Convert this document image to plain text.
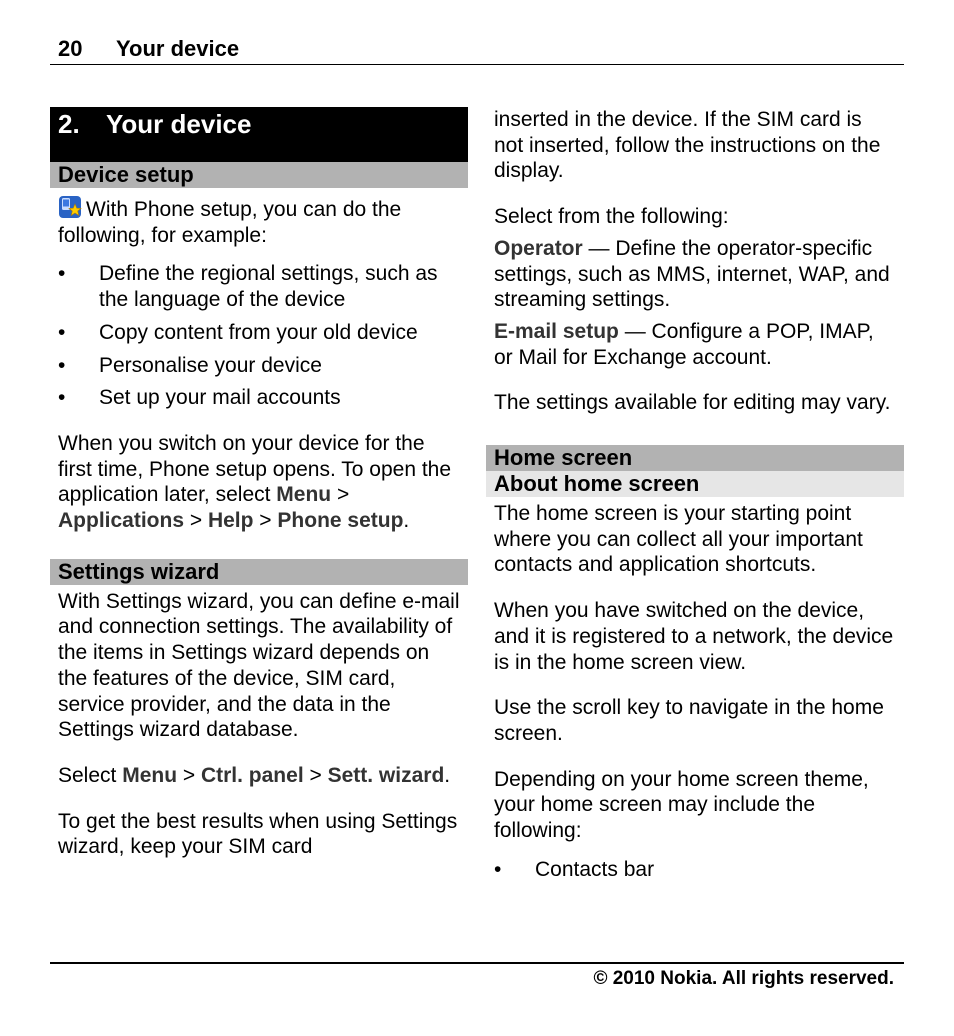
20 Your device
2. Your device
Device setup

With Phone setup, you can do the following, for example:

• Define the regional settings, such as the language of the device
• Copy content from your old device
• Personalise your device
• Set up your mail accounts

When you switch on your device for the first time, Phone setup opens. To open the application later, select Menu > Applications > Help > Phone setup.

Settings wizard

With Settings wizard, you can define e-mail and connection settings. The availability of the items in Settings wizard depends on the features of the device, SIM card, service provider, and the data in the Settings wizard database.

Select Menu > Ctrl. panel > Sett. wizard.

To get the best results when using Settings wizard, keep your SIM card

inserted in the device. If the SIM card is not inserted, follow the instructions on the display.

Select from the following:

Operator — Define the operator-specific settings, such as MMS, internet, WAP, and streaming settings.

E-mail setup — Configure a POP, IMAP, or Mail for Exchange account.

The settings available for editing may vary.

Home screen
About home screen

The home screen is your starting point where you can collect all your important contacts and application shortcuts.

When you have switched on the device, and it is registered to a network, the device is in the home screen view.

Use the scroll key to navigate in the home screen.

Depending on your home screen theme, your home screen may include the following:

• Contacts bar
© 2010 Nokia. All rights reserved.
